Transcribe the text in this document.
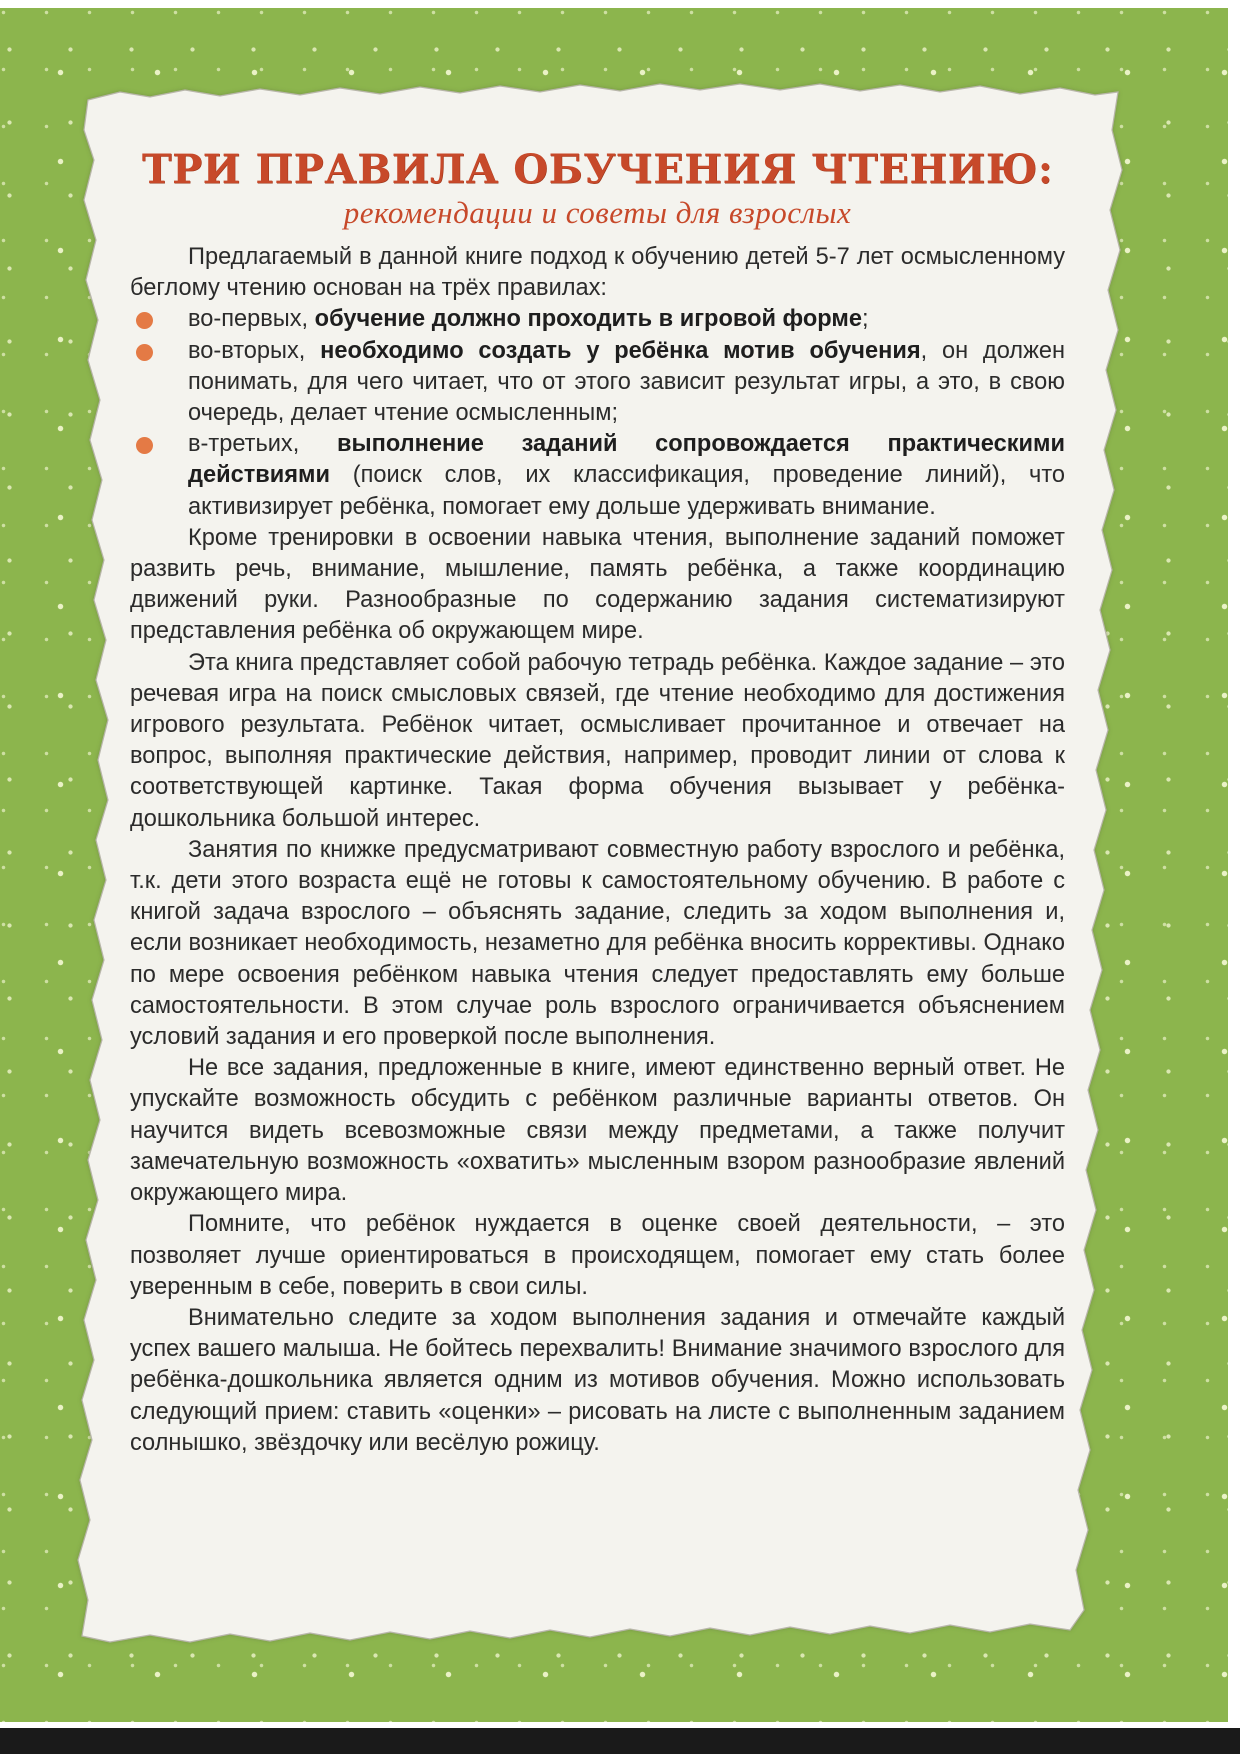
ТРИ ПРАВИЛА ОБУЧЕНИЯ ЧТЕНИЮ:

рекомендации и советы для взрослых

Предлагаемый в данной книге подход к обучению детей 5-7 лет осмысленному беглому чтению основан на трёх правилах:

во-первых, обучение должно проходить в игровой форме;
во-вторых, необходимо создать у ребёнка мотив обучения, он должен понимать, для чего читает, что от этого зависит результат игры, а это, в свою очередь, делает чтение осмысленным;
в-третьих, выполнение заданий сопровождается практическими действиями (поиск слов, их классификация, проведение линий), что активизирует ребёнка, помогает ему дольше удерживать внимание.

Кроме тренировки в освоении навыка чтения, выполнение заданий поможет развить речь, внимание, мышление, память ребёнка, а также координацию движений руки. Разнообразные по содержанию задания систематизируют представления ребёнка об окружающем мире.

Эта книга представляет собой рабочую тетрадь ребёнка. Каждое задание – это речевая игра на поиск смысловых связей, где чтение необходимо для достижения игрового результата. Ребёнок читает, осмысливает прочитанное и отвечает на вопрос, выполняя практические действия, например, проводит линии от слова к соответствующей картинке. Такая форма обучения вызывает у ребёнка-дошкольника большой интерес.

Занятия по книжке предусматривают совместную работу взрослого и ребёнка, т.к. дети этого возраста ещё не готовы к самостоятельному обучению. В работе с книгой задача взрослого – объяснять задание, следить за ходом выполнения и, если возникает необходимость, незаметно для ребёнка вносить коррективы. Однако по мере освоения ребёнком навыка чтения следует предоставлять ему больше самостоятельности. В этом случае роль взрослого ограничивается объяснением условий задания и его проверкой после выполнения.

Не все задания, предложенные в книге, имеют единственно верный ответ. Не упускайте возможность обсудить с ребёнком различные варианты ответов. Он научится видеть всевозможные связи между предметами, а также получит замечательную возможность «охватить» мысленным взором разнообразие явлений окружающего мира.

Помните, что ребёнок нуждается в оценке своей деятельности, – это позволяет лучше ориентироваться в происходящем, помогает ему стать более уверенным в себе, поверить в свои силы.

Внимательно следите за ходом выполнения задания и отмечайте каждый успех вашего малыша. Не бойтесь перехвалить! Внимание значимого взрослого для ребёнка-дошкольника является одним из мотивов обучения. Можно использовать следующий прием: ставить «оценки» – рисовать на листе с выполненным заданием солнышко, звёздочку или весёлую рожицу.
